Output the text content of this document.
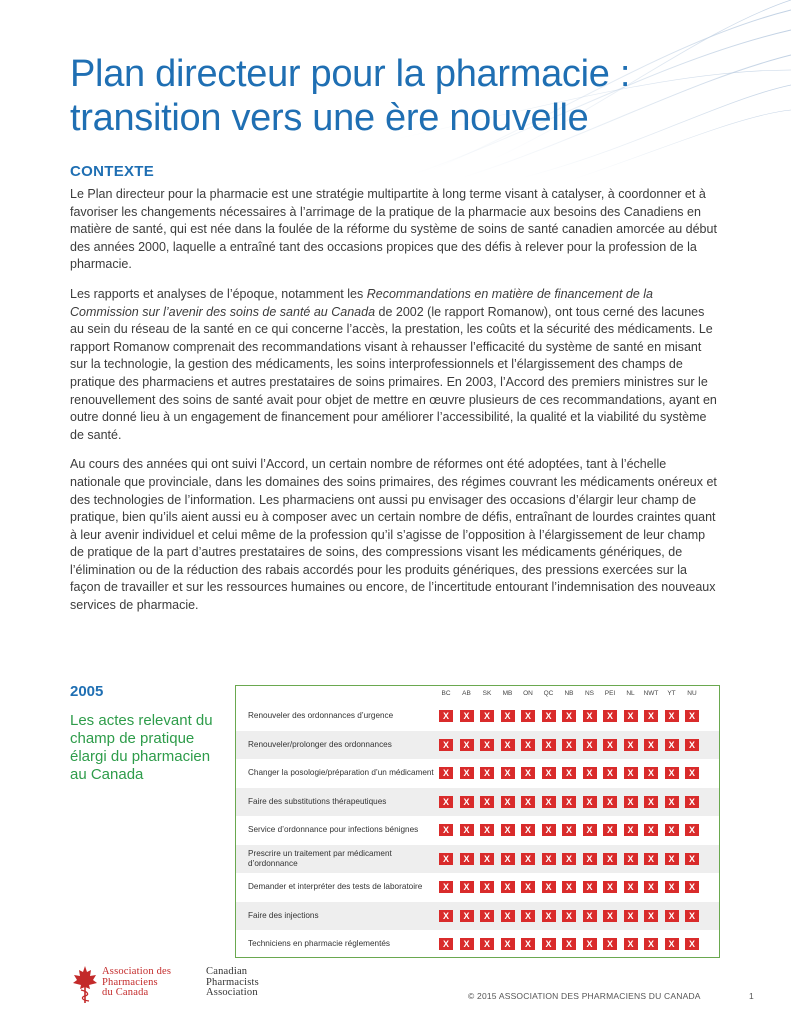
Plan directeur pour la pharmacie :
transition vers une ère nouvelle
CONTEXTE

Le Plan directeur pour la pharmacie est une stratégie multipartite à long terme visant à catalyser, à coordonner et à favoriser les changements nécessaires à l’arrimage de la pratique de la pharmacie aux besoins des Canadiens en matière de santé, qui est née dans la foulée de la réforme du système de soins de santé canadien amorcée au début des années 2000, laquelle a entraîné tant des occasions propices que des défis à relever pour la profession de la pharmacie.

Les rapports et analyses de l’époque, notamment les Recommandations en matière de financement de la Commission sur l’avenir des soins de santé au Canada de 2002 (le rapport Romanow), ont tous cerné des lacunes au sein du réseau de la santé en ce qui concerne l’accès, la prestation, les coûts et la sécurité des médicaments. Le rapport Romanow comprenait des recommandations visant à rehausser l’efficacité du système de santé en misant sur la technologie, la gestion des médicaments, les soins interprofessionnels et l’élargissement des champs de pratique des pharmaciens et autres prestataires de soins primaires. En 2003, l’Accord des premiers ministres sur le renouvellement des soins de santé avait pour objet de mettre en œuvre plusieurs de ces recommandations, ayant en outre donné lieu à un engagement de financement pour améliorer l’accessibilité, la qualité et la viabilité du système de santé.

Au cours des années qui ont suivi l’Accord, un certain nombre de réformes ont été adoptées, tant à l’échelle nationale que provinciale, dans les domaines des soins primaires, des régimes couvrant les médicaments onéreux et des technologies de l’information. Les pharmaciens ont aussi pu envisager des occasions d’élargir leur champ de pratique, bien qu’ils aient aussi eu à composer avec un certain nombre de défis, entraînant de lourdes craintes quant à leur avenir individuel et celui même de la profession qu’il s’agisse de l’opposition à l’élargissement de leur champ de pratique de la part d’autres prestataires de soins, des compressions visant les médicaments génériques, de l’élimination ou de la réduction des rabais accordés pour les produits génériques, des pressions exercées sur la façon de travailler et sur les ressources humaines ou encore, de l’incertitude entourant l’indemnisation des nouveaux services de pharmacie.

2005
Les actes relevant du champ de pratique élargi du pharmacien au Canada
BC	AB	SK	MB	ON	QC	NB	NS	PEI	NL	NWT	YT	NU
Renouveler des ordonnances d’urgence	X	X	X	X	X	X	X	X	X	X	X	X	X
Renouveler/prolonger des ordonnances	X	X	X	X	X	X	X	X	X	X	X	X	X
Changer la posologie/préparation d’un médicament	X	X	X	X	X	X	X	X	X	X	X	X	X
Faire des substitutions thérapeutiques	X	X	X	X	X	X	X	X	X	X	X	X	X
Service d’ordonnance pour infections bénignes	X	X	X	X	X	X	X	X	X	X	X	X	X
Prescrire un traitement par médicament d’ordonnance	X	X	X	X	X	X	X	X	X	X	X	X	X
Demander et interpréter des tests de laboratoire	X	X	X	X	X	X	X	X	X	X	X	X	X
Faire des injections	X	X	X	X	X	X	X	X	X	X	X	X	X
Techniciens en pharmacie réglementés	X	X	X	X	X	X	X	X	X	X	X	X	X
Association des
Pharmaciens
du Canada
Canadian
Pharmacists
Association	© 2015 ASSOCIATION DES PHARMACIENS DU CANADA	1
